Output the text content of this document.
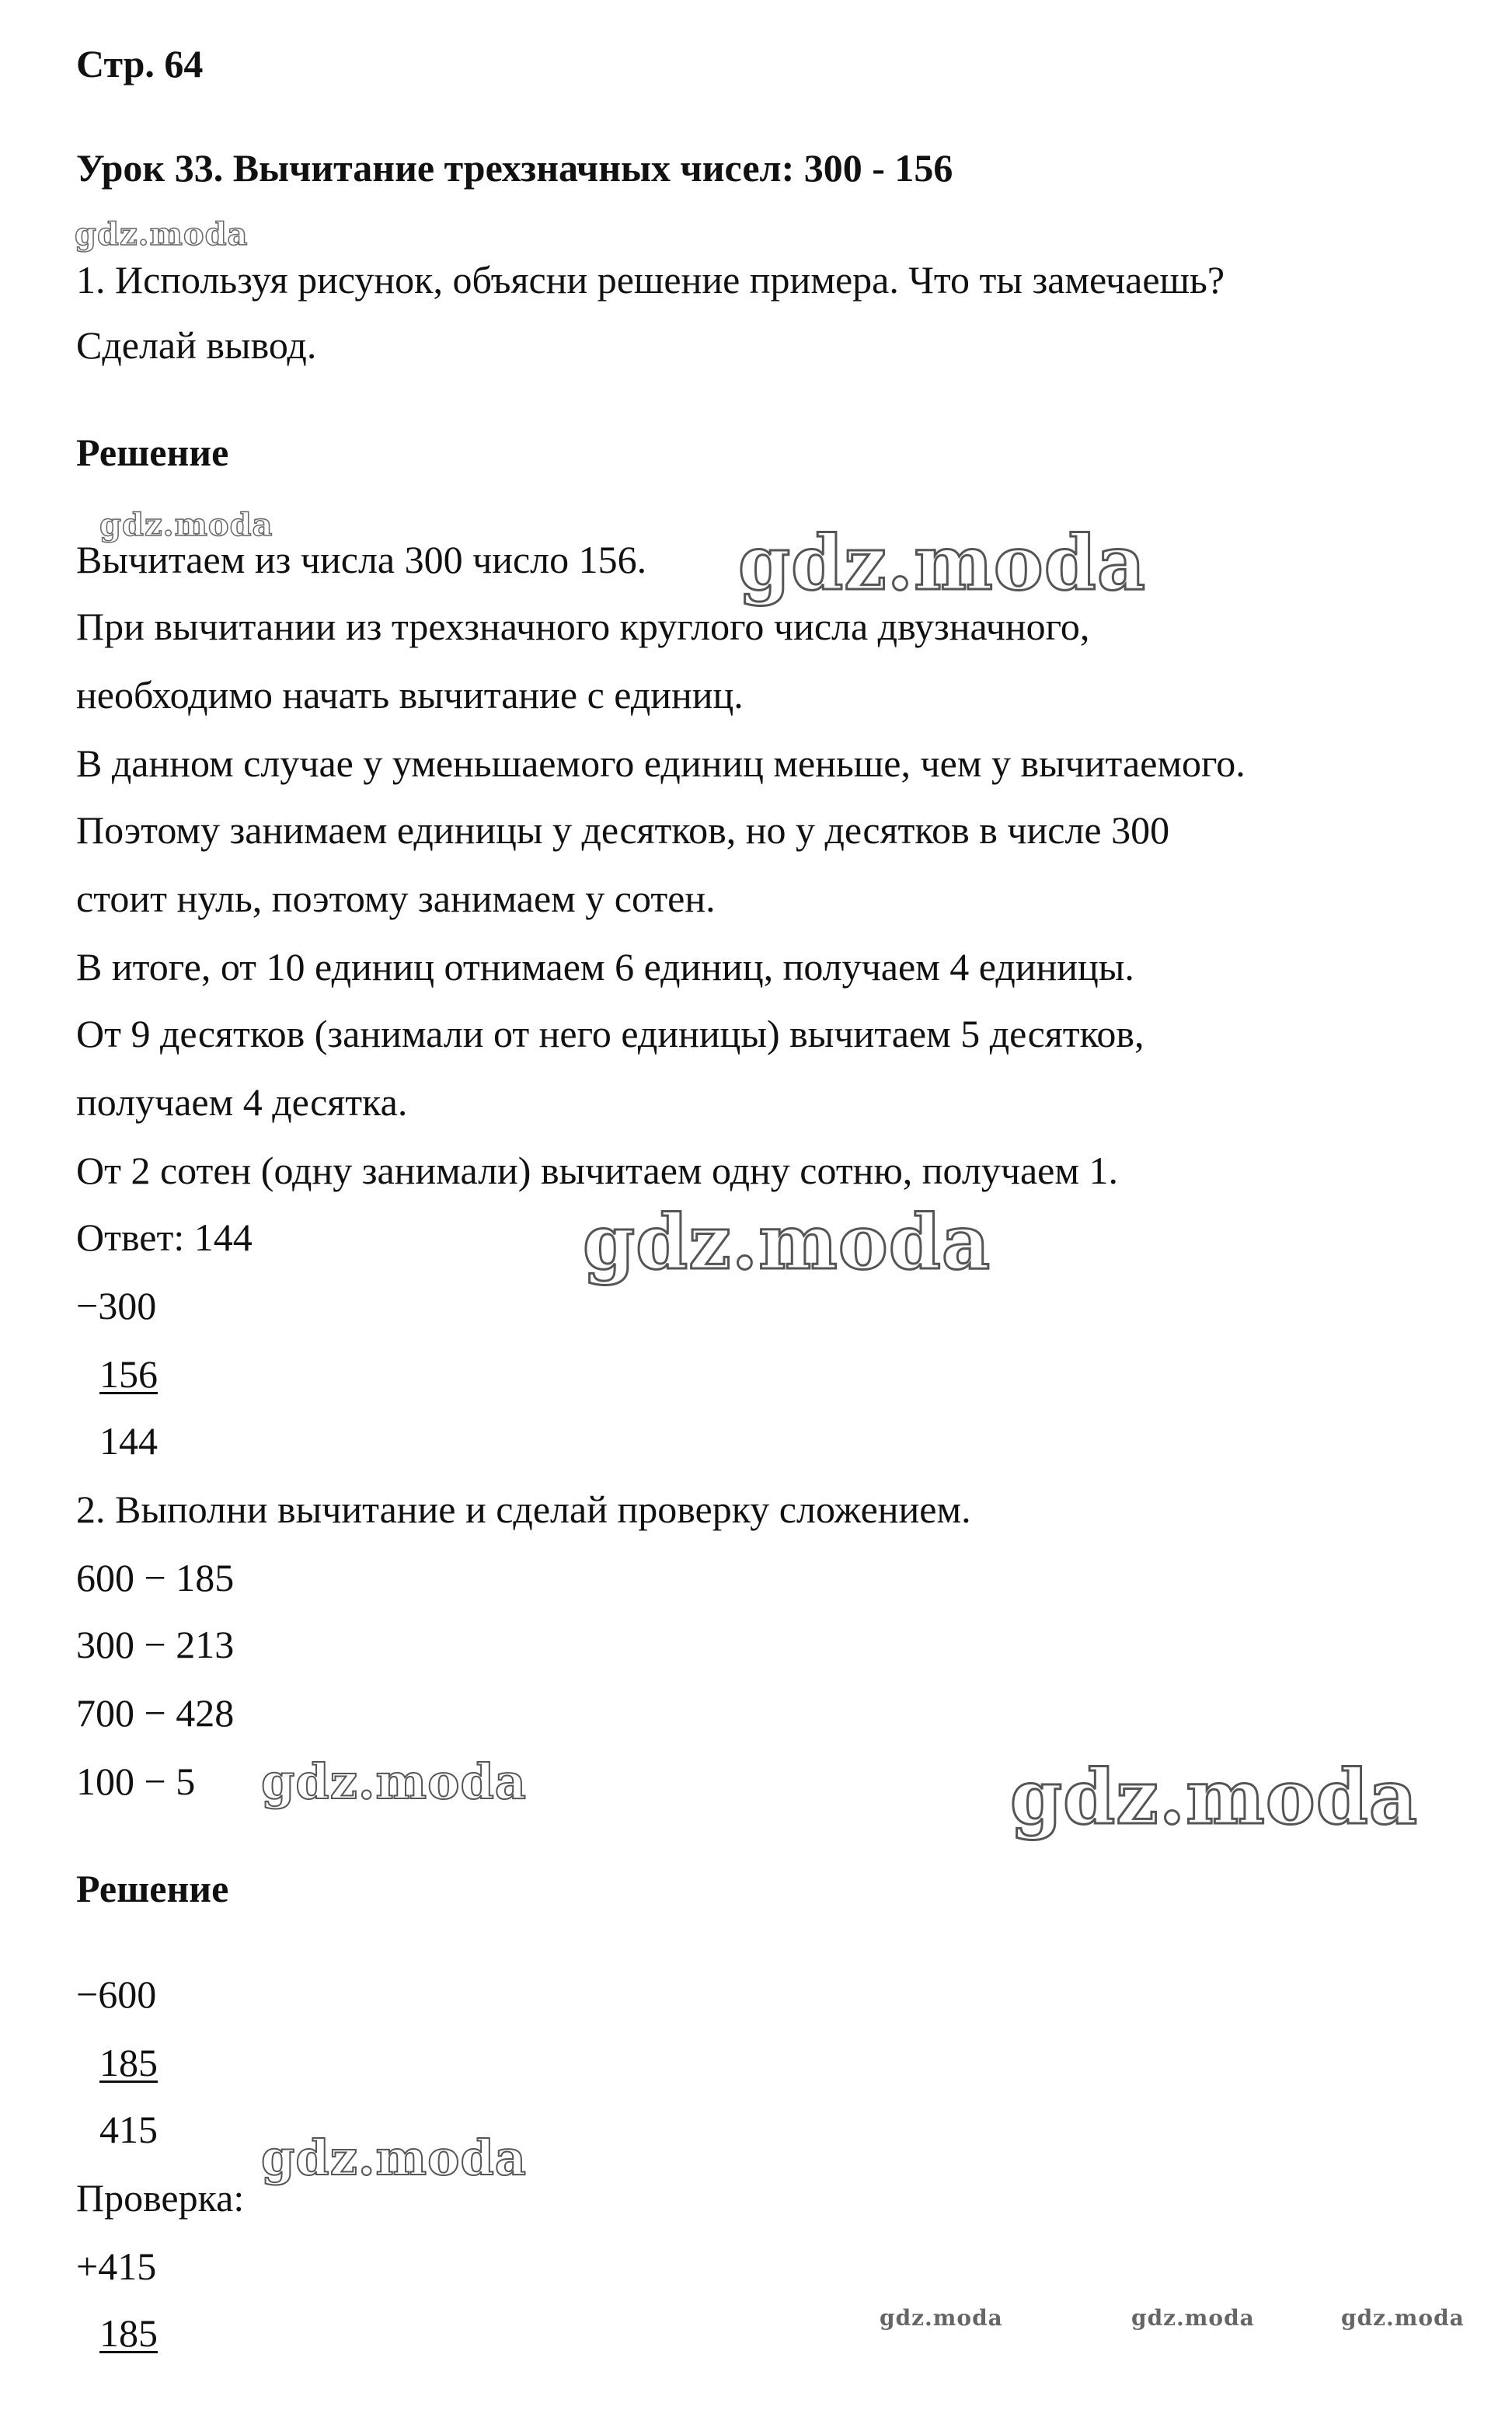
Стр. 64
Урок 33. Вычитание трехзначных чисел: 300 - 156
1. Используя рисунок, объясни решение примера. Что ты замечаешь?
Сделай вывод.
Решение
Вычитаем из числа 300 число 156.
При вычитании из трехзначного круглого числа двузначного,
необходимо начать вычитание с единиц.
В данном случае у уменьшаемого единиц меньше, чем у вычитаемого.
Поэтому занимаем единицы у десятков, но у десятков в числе 300
стоит нуль, поэтому занимаем у сотен.
В итоге, от 10 единиц отнимаем 6 единиц, получаем 4 единицы.
От 9 десятков (занимали от него единицы) вычитаем 5 десятков,
получаем 4 десятка.
От 2 сотен (одну занимали) вычитаем одну сотню, получаем 1.
Ответ: 144
−300
156
144
2. Выполни вычитание и сделай проверку сложением.
600 − 185
300 − 213
700 − 428
100 − 5
Решение
−600
185
415
Проверка:
+415
185
gdz.moda
gdz.moda	gdz.moda
gdz.moda
gdz.moda	gdz.moda
gdz.moda
gdz.moda	gdz.moda	gdz.moda
